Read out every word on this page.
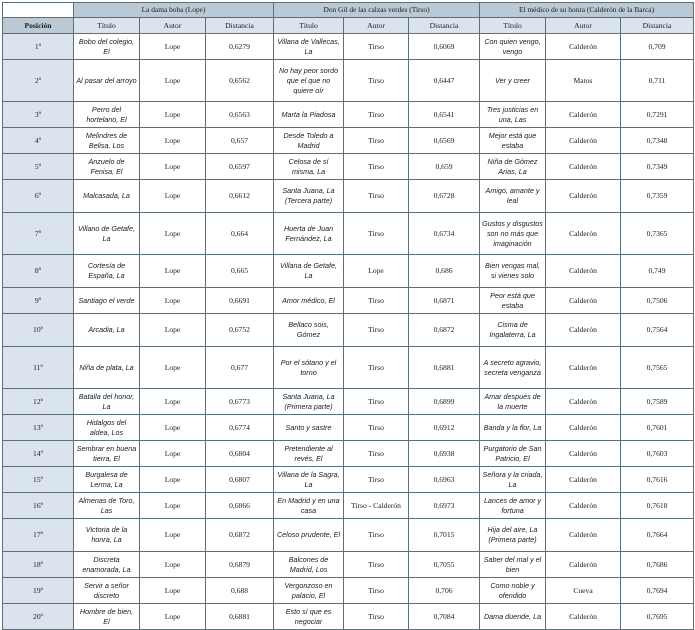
	La dama boba (Lope)			Don Gil de las calzas verdes (Tirso)			El médico de su honra (Calderón de la Barca)		
Posición	Título	Autor	Distancia	Título	Autor	Distancia	Título	Autor	Distancia
1º	Bobo del colegio, El	Lope	0,6279	Villana de Vallecas, La	Tirso	0,6069	Con quien vengo, vengo	Calderón	0,709
2º	Al pasar del arroyo	Lope	0,6562	No hay peor sordo que el que no quiere oír	Tirso	0,6447	Ver y creer	Matos	0,711
3º	Perro del hortelano, El	Lope	0,6563	Marta la Piadosa	Tirso	0,6541	Tres justicias en una, Las	Calderón	0,7291
4º	Melindres de Belisa, Los	Lope	0,657	Desde Toledo a Madrid	Tirso	0,6569	Mejor está que estaba	Calderón	0,7348
5º	Anzuelo de Fenisa, El	Lope	0,6597	Celosa de sí misma, La	Tirso	0,659	Niña de Gómez Arias, La	Calderón	0,7349
6º	Malcasada, La	Lope	0,6612	Santa Juana, La (Tercera parte)	Tirso	0,6728	Amigo, amante y leal	Calderón	0,7359
7º	Villano de Getafe, La	Lope	0,664	Huerta de Juan Fernández, La	Tirso	0,6734	Gustos y disgustos son no más que imaginación	Calderón	0,7365
8º	Cortesía de España, La	Lope	0,665	Villana de Getafe, La	Lope	0,686	Bien vengas mal, si vienes solo	Calderón	0,749
9º	Santiago el verde	Lope	0,6691	Amor médico, El	Tirso	0,6871	Peor está que estaba	Calderón	0,7506
10º	Arcadia, La	Lope	0,6752	Bellaco sois, Gómez	Tirso	0,6872	Cisma de Ingalaterra, La	Calderón	0,7564
11º	Niña de plata, La	Lope	0,677	Por el sótano y el torno	Tirso	0,6881	A secreto agravio, secreta venganza	Calderón	0,7565
12º	Batalla del honor, La	Lope	0,6773	Santa Juana, La (Primera parte)	Tirso	0,6899	Amar después de la muerte	Calderón	0,7589
13º	Hidalgos del aldea, Los	Lope	0,6774	Santo y sastre	Tirso	0,6912	Banda y la flor, La	Calderón	0,7601
14º	Sembrar en buena tierra, El	Lope	0,6804	Pretendiente al revés, El	Tirso	0,6938	Purgatorio de San Patricio, El	Calderón	0,7603
15º	Burgalesa de Lerma, La	Lope	0,6807	Villana de la Sagra, La	Tirso	0,6963	Señora y la criada, La	Calderón	0,7616
16º	Almenas de Toro, Las	Lope	0,6866	En Madrid y en una casa	Tirso - Calderón	0,6973	Lances de amor y fortuna	Calderón	0,7618
17º	Victoria de la honra, La	Lope	0,6872	Celoso prudente, El	Tirso	0,7015	Hija del aire, La (Primera parte)	Calderón	0,7664
18º	Discreta enamorada, La	Lope	0,6879	Balcones de Madrid, Los	Tirso	0,7055	Saber del mal y el bien	Calderón	0,7686
19º	Servir a señor discreto	Lope	0,688	Vergonzoso en palacio, El	Tirso	0,706	Como noble y ofendido	Cueva	0,7694
20º	Hombre de bien, El	Lope	0,6881	Esto sí que es negociar	Tirso	0,7084	Dama duende, La	Calderón	0,7695
